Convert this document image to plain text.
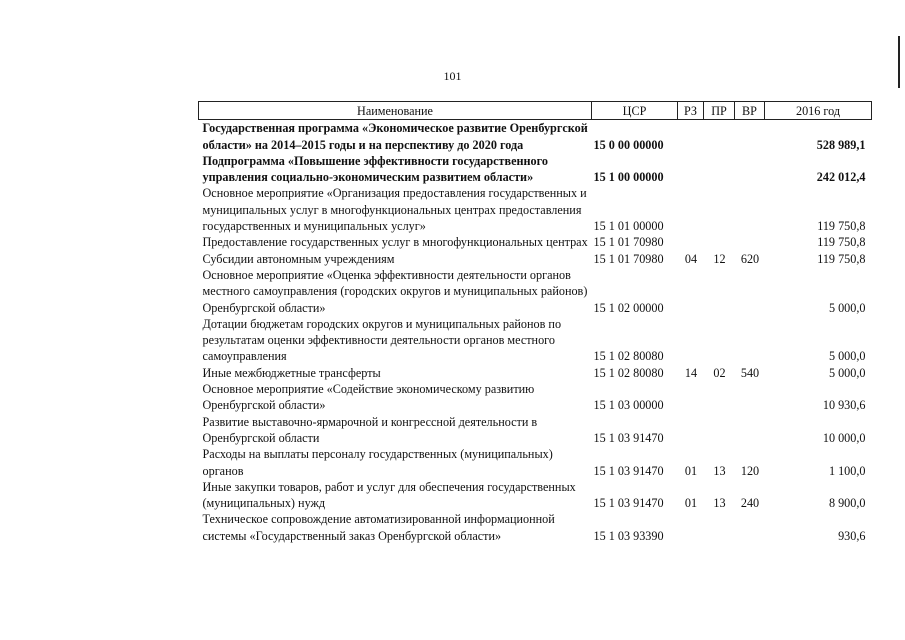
101
Наименование	ЦСР	РЗ	ПР	ВР	2016 год
Государственная программа «Экономическое развитие Оренбургской области» на 2014–2015 годы и на перспективу до 2020 года	15 0 00 00000				528 989,1
Подпрограмма «Повышение эффективности государственного управления социально-экономическим развитием области»	15 1 00 00000				242 012,4
Основное мероприятие «Организация предоставления государственных и муниципальных услуг в многофункциональных центрах предоставления государственных и муниципальных услуг»	15 1 01 00000				119 750,8
Предоставление государственных услуг в многофункциональных центрах	15 1 01 70980				119 750,8
Субсидии автономным учреждениям	15 1 01 70980	04	12	620	119 750,8
Основное мероприятие «Оценка эффективности деятельности органов местного самоуправления (городских округов и муниципальных районов) Оренбургской области»	15 1 02 00000				5 000,0
Дотации бюджетам городских округов и муниципальных районов по результатам оценки эффективности деятельности органов местного самоуправления	15 1 02 80080				5 000,0
Иные межбюджетные трансферты	15 1 02 80080	14	02	540	5 000,0
Основное мероприятие «Содействие экономическому развитию Оренбургской области»	15 1 03 00000				10 930,6
Развитие выставочно-ярмарочной и конгрессной деятельности в Оренбургской области	15 1 03 91470				10 000,0
Расходы на выплаты персоналу государственных (муниципальных) органов	15 1 03 91470	01	13	120	1 100,0
Иные закупки товаров, работ и услуг для обеспечения государственных (муниципальных) нужд	15 1 03 91470	01	13	240	8 900,0
Техническое сопровождение автоматизированной информационной системы «Государственный заказ Оренбургской области»	15 1 03 93390				930,6
